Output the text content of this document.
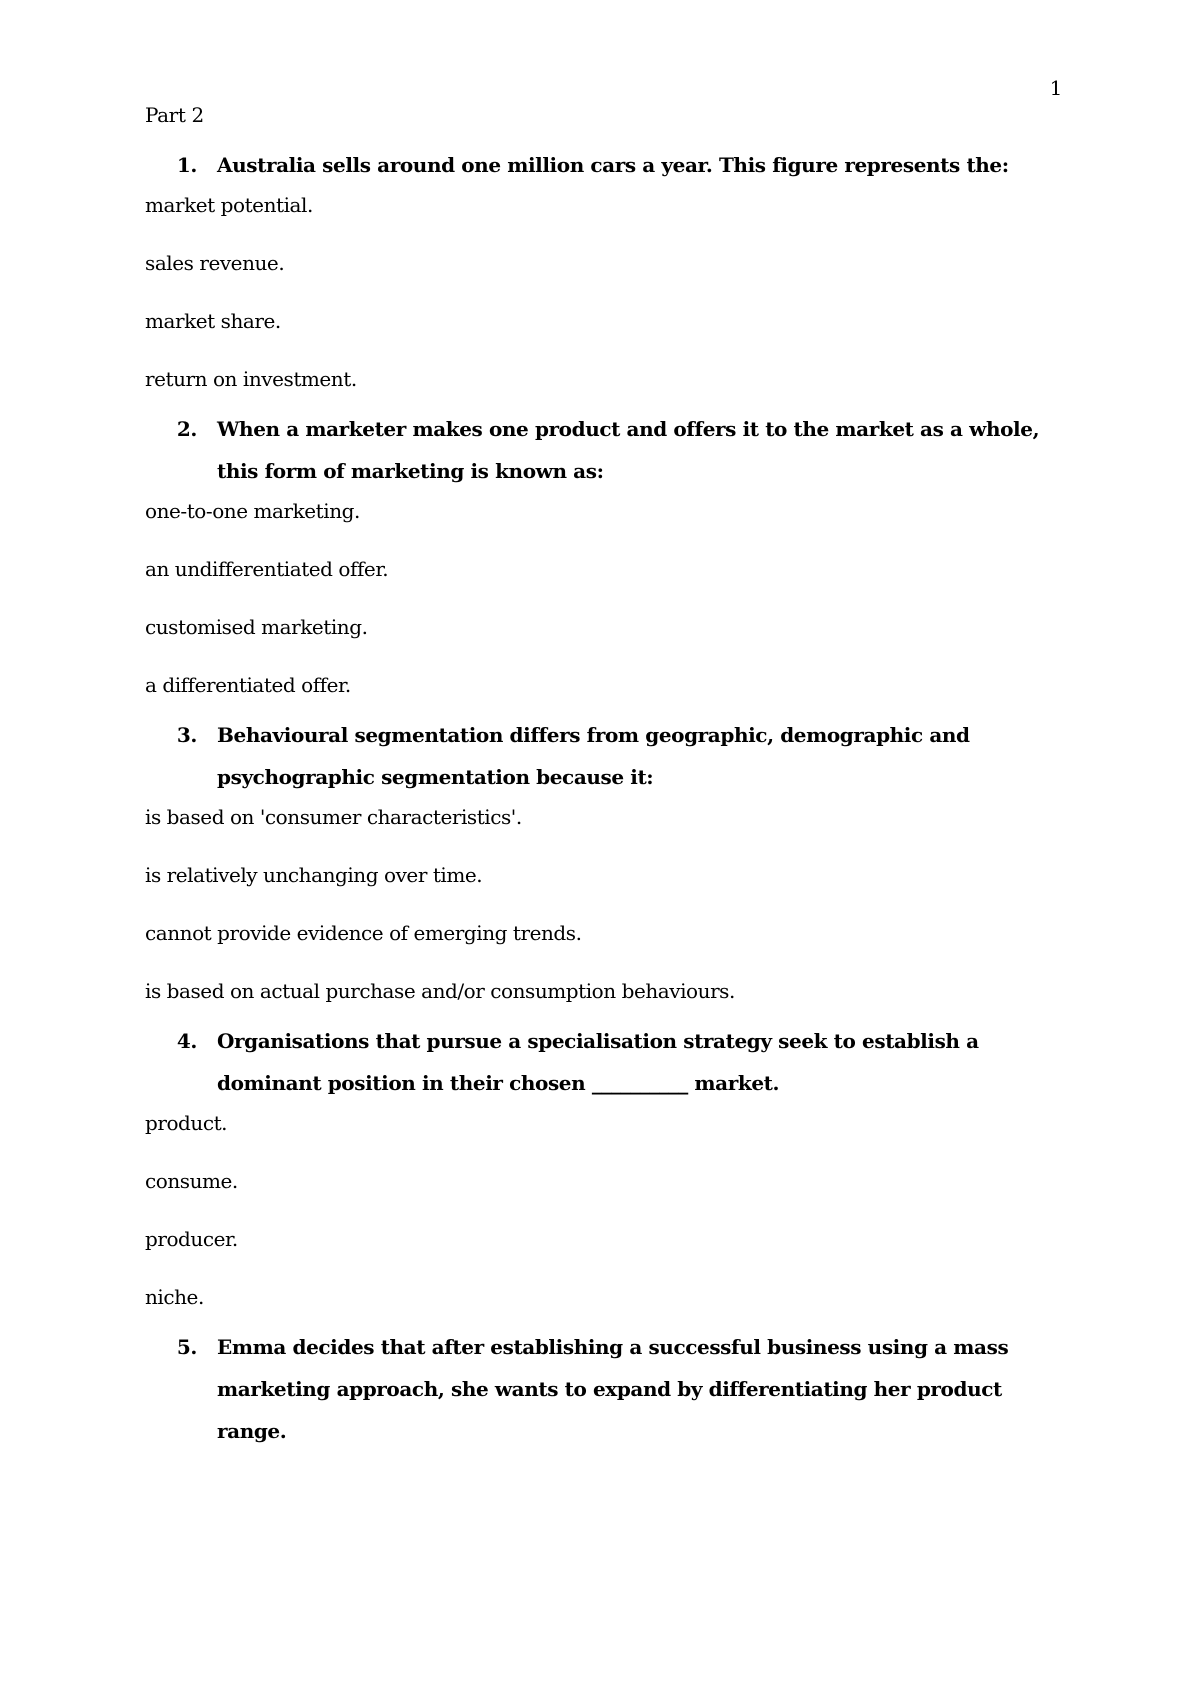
1
Part 2
1. Australia sells around one million cars a year. This figure represents the:
market potential.
sales revenue.
market share.
return on investment.
2. When a marketer makes one product and offers it to the market as a whole, this form of marketing is known as:
one-to-one marketing.
an undifferentiated offer.
customised marketing.
a differentiated offer.
3. Behavioural segmentation differs from geographic, demographic and psychographic segmentation because it:
is based on 'consumer characteristics'.
is relatively unchanging over time.
cannot provide evidence of emerging trends.
is based on actual purchase and/or consumption behaviours.
4. Organisations that pursue a specialisation strategy seek to establish a dominant position in their chosen __________ market.
product.
consume.
producer.
niche.
5. Emma decides that after establishing a successful business using a mass marketing approach, she wants to expand by differentiating her product range.
